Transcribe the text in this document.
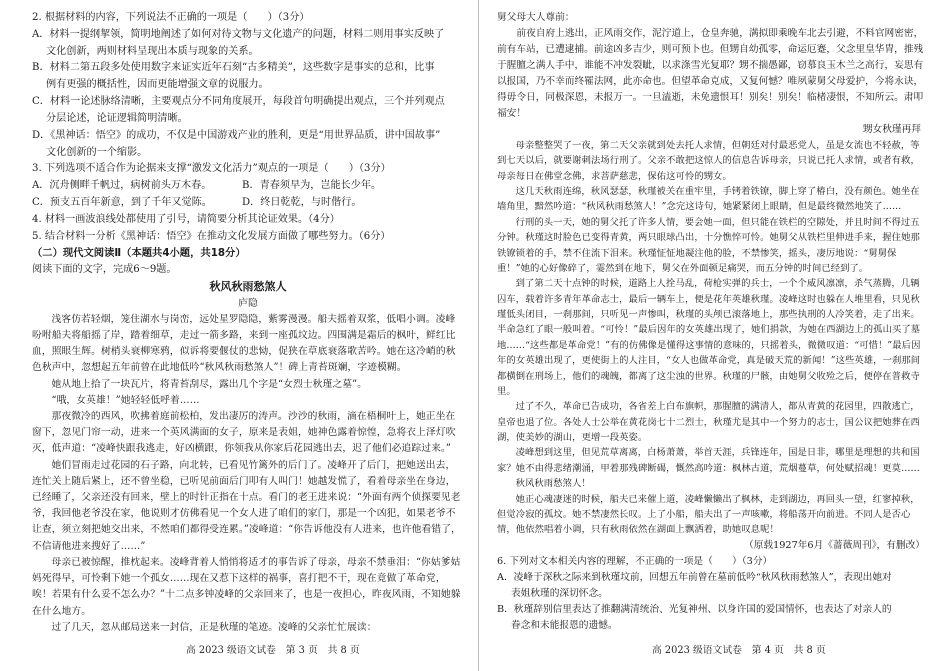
2. 根据材料的内容，下列说法不正确的一项是（　　）（3分）

A．材料一提纲挈领，简明地阐述了如何对待文物与文化遗产的问题，材料二则用事实反映了
文化创新，两则材料呈现出本质与现象的关系。

B．材料二第五段多处使用数字来证实近年石刻“古多精美”，这些数字是事实的总和，比事
例有更强的概括性，因而更能增强文章的说服力。

C．材料一论述脉络清晰，主要观点分不同角度展开，每段首句明确提出观点，三个并列观点
分层论述，论证逻辑简明清晰。

D．《黑神话：悟空》的成功，不仅是中国游戏产业的胜利，更是“用世界品质，讲中国故事”
文化创新的一个缩影。

3. 下列选项不适合作为论据来支撑“激发文化活力”观点的一项是（　　）（3分）

A．沉舟侧畔千帆过，病树前头万木春。	B．青春须早为，岂能长少年。

C．预支五百年新意，到了千年又觉陈。	D．终日乾乾，与时偕行。

4. 材料一画波浪线处都使用了引号，请简要分析其论证效果。（4分）

5. 结合材料一分析《黑神话：悟空》在推动文化发展方面做了哪些努力。（6分）

（二）现代文阅读Ⅱ（本题共4小题，共18分）

阅读下面的文字，完成6～9题。

秋风秋雨愁煞人

庐隐

浅客仿若轻烟，笼住湖水与岗峦，远处星罗隐隐，紫雾漫漫。船夫摇着双浆，低唱小调。凌峰吩咐船夫将船摇了岸，踏着细草，走过一箭多路，来到一座孤坟边。四围满是霜后的枫叶，鲜红比血，照眼生辉。树梢头衰柳寒鸦，似诉将要偃仗的悲恸，促狭在草底衰落歌苦吟。她在这冷峭的秋色秋声中，忽想起五年前曾在此地低吟“秋风秋雨愁煞人”！碑上青苔斑斓，字迹模糊。

她从地上拾了一块瓦片，将青苔刮尽，露出几个字是“女烈士秋瑾之墓”。

“哦，女英雄！”她轻轻低呼着……

那夜微冷的西风，吹拂着庭前松柏，发出凄厉的涛声。沙沙的秋雨，滴在梧桐叶上，她正坐在窗下，忽见门帘一动，进来一个英风满面的女子，原来是表姐，她神色露着惊惶，急将衣上泽灯吹灭，低声道：“凌峰快跟我逃走，好凶横跟，你领我从你家后花园逃出去，迟了他们必追踪过来。”

她们冒雨走过花园的石子路，向北转，已看见竹篱外的后门了。凌峰开了后门，把她送出去，连忙关上随后紧上，还不曾坐稳，已听见前面后门叩有人叫门！她越发慌了，看着母亲坐在身边，已经睡了，父亲还没有回来，壁上的时针正指在十点。看门的老王进来说：“外面有两个侦探要见老爷，我回他老爷没在家，他说则才仿佛看见一个女人进了咱们的家门，那是一个凶犯，如果老爷不让查，须立刻把她交出来，不然咱们都得受连累。”凌峰道：“你告诉他没有人进来，也许他看错了，不信请他进来搜好了……”

母亲已被惊醒，推枕起来。凌峰背着人悄悄将适才的事告诉了母亲，母亲不禁垂泪：“你姑爹姑妈死得早，可怜剩下她一个孤女……现在又惹下这样的祸事，喜打把不干，现在竟做了革命党，唉！若果有什么妥不怎么办？”十二点多钟凌峰的父亲回来了，也是一夜担心，昨夜风雨，不知她躲在什么地方。

过了几天，忽从邮局送来一封信，正是秋瑾的笔迹。凌峰的父亲忙忙展读：

舅父母大人尊前：

前夜自府上逃出，正风雨交作，泥泞道上，仓皇奔驰，满拟即乘晚车北去引避，不料官网密密，前有车站，已遭逮捕。前途凶多吉少，则可预卜也。但甥自幼孤零，命运厄蹇，父念里皇华胄，推残于腥膻之满人手中，谁能不冲发裂眦，以求涤雪光复耶？甥不揣愚鄙，窃慕良玉木兰之高行，妄思有以报国，乃不幸而终罹法网，此亦命也。但望革命克成，又复何憾？唯夙蒙舅父母爱护，今将永诀，得毋令日，同极深恩，未报万一。一旦溘逝，未免遗恨耳！别矣！别矣！临楮凄恨，不知所云。肃叩福安！

甥女秋瑾再拜

母亲整整哭了一夜，第二天父亲就到处去托人求情，但朝廷对付最恶党人，虽是女流也不轻赦，等到七天以后，就要谢刺法场行刑了。父亲不敢把这惊人的信息告诉母亲，只说已托人求情，或者有救，母亲每日在佛堂念佛，求菩萨慈悲，保佑这可怜的甥女。

这几天秋雨连绵，秋风瑟瑟，秋瑾被关在重牢里，手铐着铁镣，脚上穿了椿白，没有颜色。她坐在墙角里，黯然吟道：“秋风秋雨愁煞人！”念完这诗句，她紧紧闭上眼睛，但是最终微然地笑了……

行刑的头一天，她的舅父托了许多人情，要会她一面，但只能在铁栏的空隙处，并且时间不得过五分钟。秋瑾这时脸色已变得青黄，两只眼球凸出，十分憔悴可怜。她舅父从铁栏里伸进手来，握住她那铁镣锁着的手，禁不住流下泪来。秋瑾怔怔地凝注他的脸，不禁惨笑，摇头，凄厉地说：“舅舅保重！”她的心好像碎了，霎然到在地下，舅父在外面顿足痛哭，而五分钟的时间已经到了。

到了第二天十点钟的时候，道路上人拴马乱，荷枪实弹的兵士，一个个威风凛凛，杀气蒸腾，几辆囚车，载着许多青年革命志士，最后一辆车上，便是花年英雄秋瑾。凌峰这时也躲在人堆里看，只见秋瑾低头闭目，一刹那间，只听见一声惨叫，秋瑾的头颅已滚落地上，那些执刑的人冷笑着，走了出来。半命急红了眼一般叫着。“可怜！”最后因年的女英雄出现了，她们捐款，为她在西湖边上的孤山买了墓地……“这些都是革命党！”有的仿佛像是懂得这事情的意味的，只摇着头，微微叹道：“可惜！”最后因年的女英雄出现了，更使街上的人注目，“女人也做革命党，真是破天荒的新闻！”这些英雄，一刹那间都横倒在刑场上，他们的魂魄，都离了这尘浊的世界。秋瑾的尸骸，由她舅父收殓之后，便停在普救寺里。

过了不久，革命已告成功，各省差上白布旗帜，那腥膻的满清人，都从青黄的花园里，四散逃亡，皇帝也退了位。各处人士公举在黄花岗七十二烈士，秋瑾尤是其中一个努力的志士，国公议把她葬在西湖，使美妙的湖山，更增一段英姿。

凌峰想到这里，但见荒草离离，白杨萧萧，举首天涯，兵锋连年，国是日非，哪里是理想的共和国家？她不由得悲绪潮涌，甲着那残碑断碣，慨然高吟道：枫林古道，荒烟蔓草，何处赋招魂！更莫……

秋风秋雨愁煞人！

她正心魂凄迷的时候，船夫已来催上道，凌峰懒懒出了枫林，走到湖边，再回头一望，红寥掉秋，但觉冷寂的孤坟。她不禁凄然长叹。上了小船，船夫出了一声咳嗽，将船荡开向前进。不同人是否心情，他依然唱着小调，只有秋雨依然在湖面上飘洒着，助她叹息呢！

（原载1927年6月《蔷薇周刊》，有删改）

6. 下列对文本相关内容的理解，不正确的一项是（　　）（3分）

A．凌峰于深秋之际来到秋瑾坟前，回想五年前曾在墓前低吟“秋风秋雨愁煞人”，表现出她对
表姐秋瑾的深切怀念。

B．秋瑾辞别信里表达了推翻满清统治、光复神州、以身许国的爱国情怀，也表达了对亲人的
眷念和未能报恩的遗憾。

高 2023 级语文试卷　第 3 页　共 8 页	高 2023 级语文试卷　第 4 页　共 8 页
